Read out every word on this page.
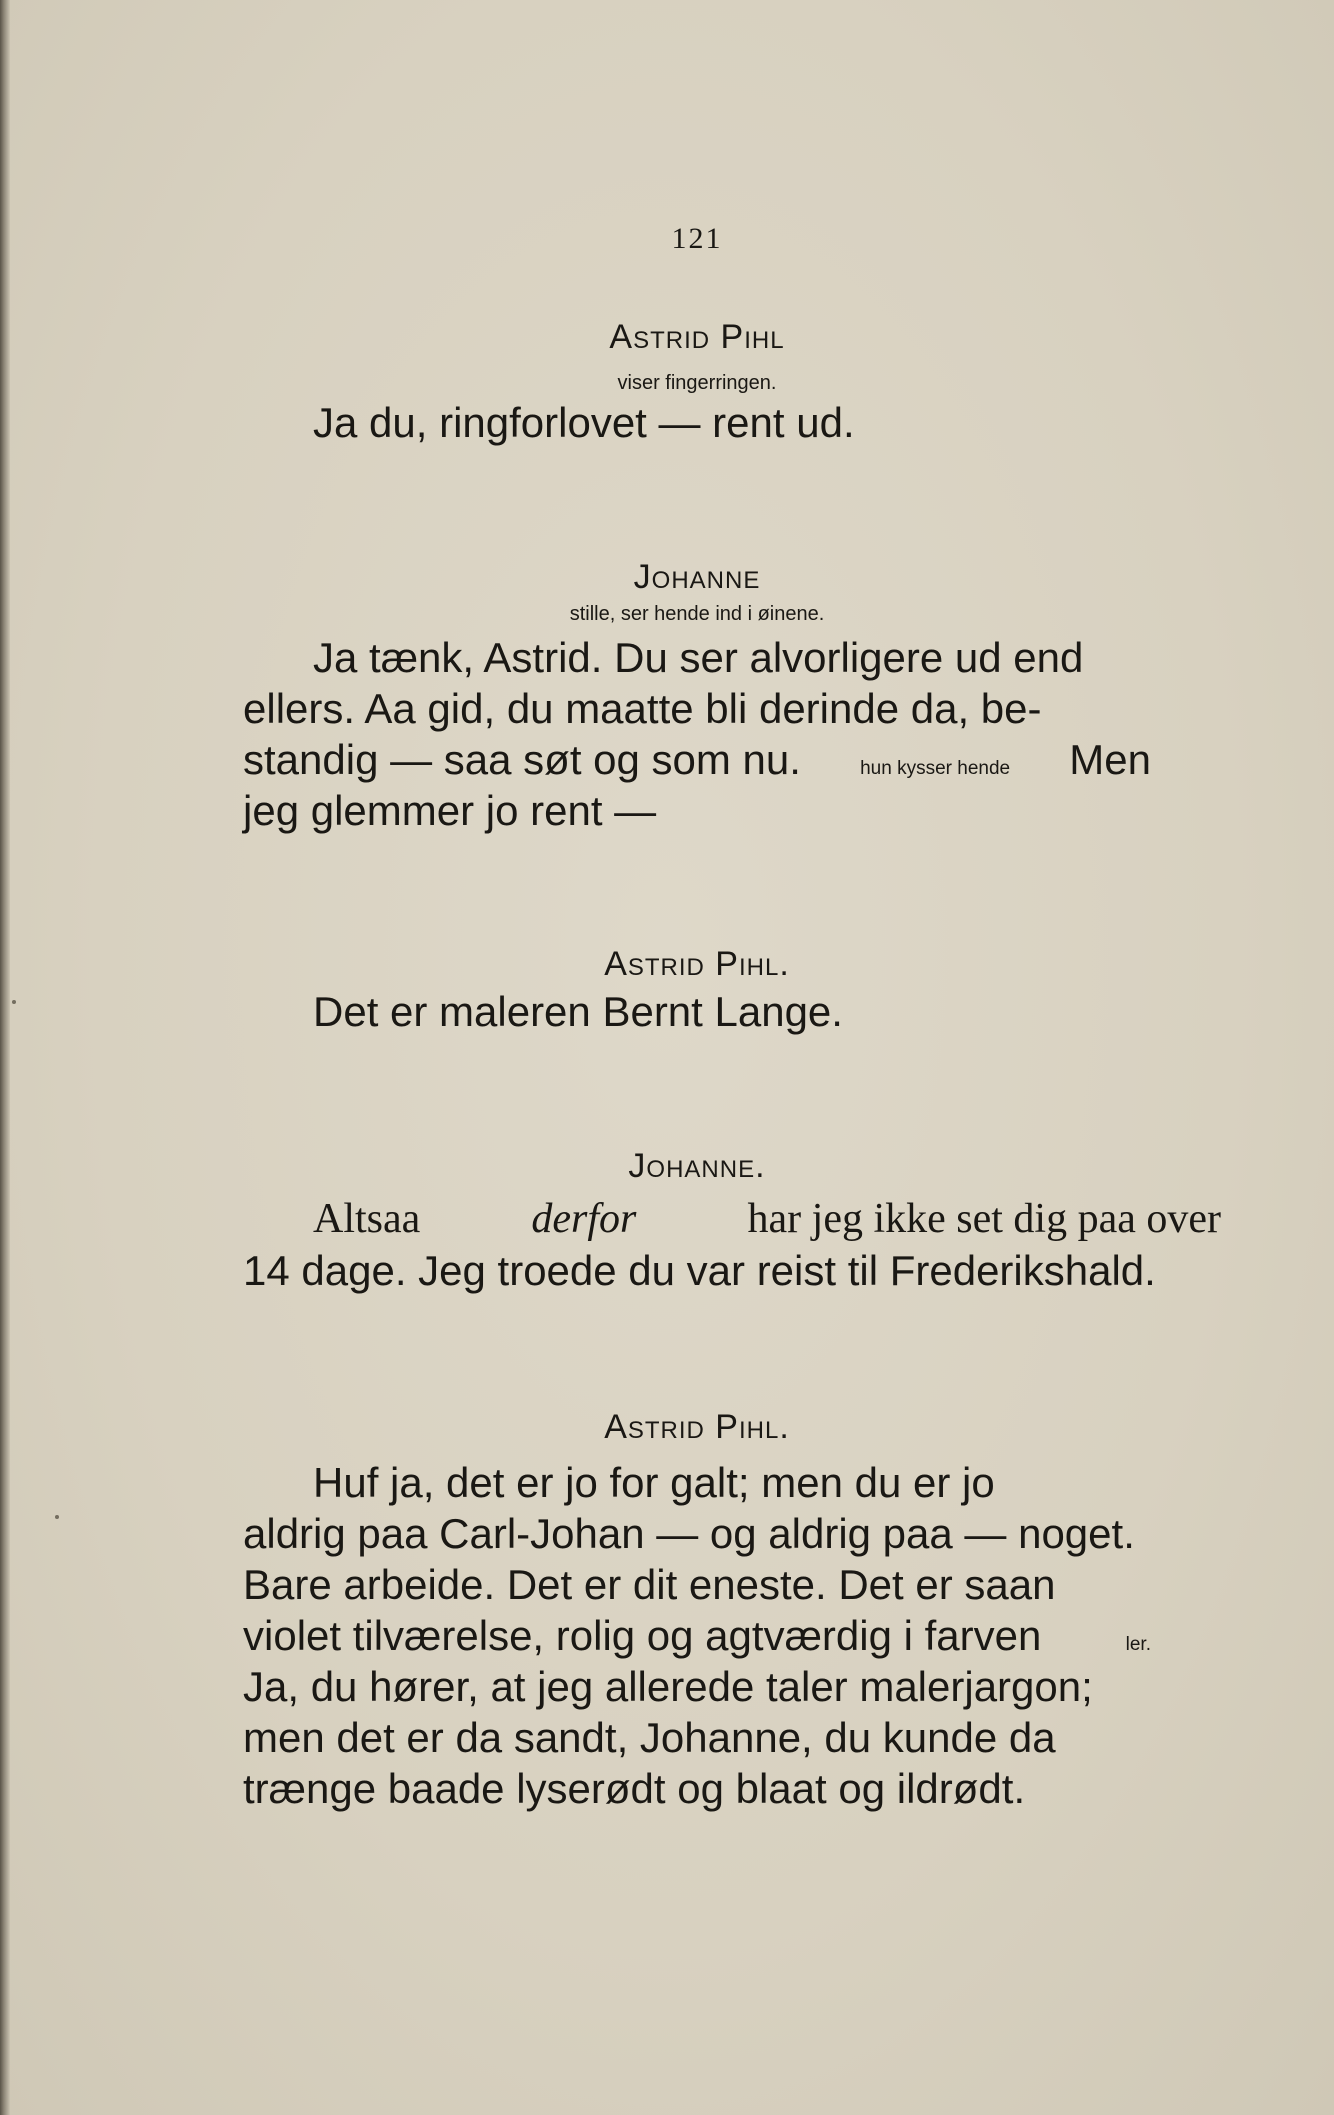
121
Astrid Pihl
viser fingerringen.
Ja du, ringforlovet — rent ud.
Johanne
stille, ser hende ind i øinene.
Ja tænk, Astrid. Du ser alvorligere ud end
ellers. Aa gid, du maatte bli derinde da, be-
standig — saa søt og som nu.	hun kysser hende Men
jeg glemmer jo rent —
Astrid Pihl.
Det er maleren Bernt Lange.
Johanne.
Altsaa	derfor	har jeg ikke set dig paa over
14 dage. Jeg troede du var reist til Frederikshald.
Astrid Pihl.
Huf ja, det er jo for galt; men du er jo
aldrig paa Carl-Johan — og aldrig paa — noget.
Bare arbeide. Det er dit eneste. Det er saan
violet tilværelse, rolig og agtværdig i farven	ler.
Ja, du hører, at jeg allerede taler malerjargon;
men det er da sandt, Johanne, du kunde da
trænge baade lyserødt og blaat og ildrødt.
